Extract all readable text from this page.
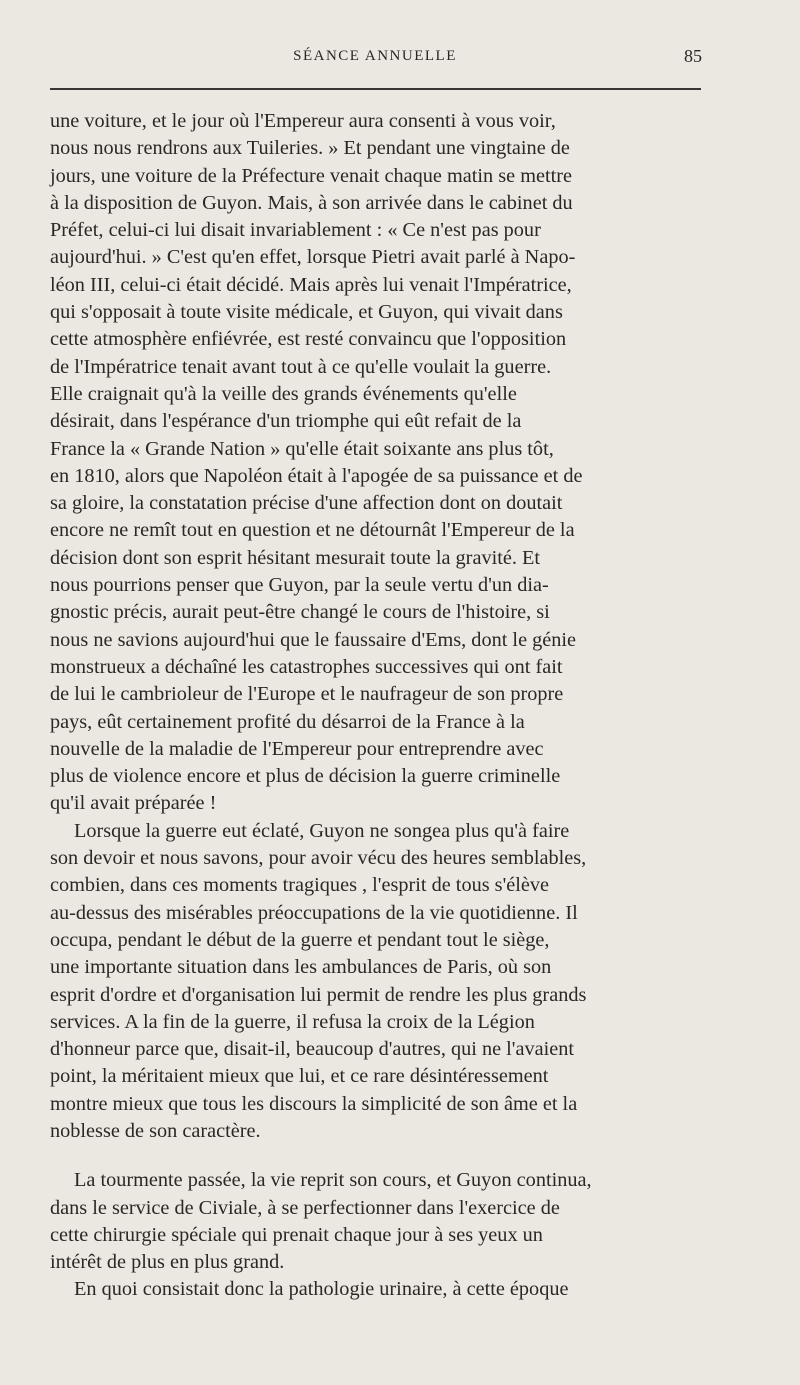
SÉANCE ANNUELLE	85
une voiture, et le jour où l'Empereur aura consenti à vous voir,
nous nous rendrons aux Tuileries. » Et pendant une vingtaine de
jours, une voiture de la Préfecture venait chaque matin se mettre
à la disposition de Guyon. Mais, à son arrivée dans le cabinet du
Préfet, celui-ci lui disait invariablement : « Ce n'est pas pour
aujourd'hui. » C'est qu'en effet, lorsque Pietri avait parlé à Napo-
léon III, celui-ci était décidé. Mais après lui venait l'Impératrice,
qui s'opposait à toute visite médicale, et Guyon, qui vivait dans
cette atmosphère enfiévrée, est resté convaincu que l'opposition
de l'Impératrice tenait avant tout à ce qu'elle voulait la guerre.
Elle craignait qu'à la veille des grands événements qu'elle
désirait, dans l'espérance d'un triomphe qui eût refait de la
France la « Grande Nation » qu'elle était soixante ans plus tôt,
en 1810, alors que Napoléon était à l'apogée de sa puissance et de
sa gloire, la constatation précise d'une affection dont on doutait
encore ne remît tout en question et ne détournât l'Empereur de la
décision dont son esprit hésitant mesurait toute la gravité. Et
nous pourrions penser que Guyon, par la seule vertu d'un dia-
gnostic précis, aurait peut-être changé le cours de l'histoire, si
nous ne savions aujourd'hui que le faussaire d'Ems, dont le génie
monstrueux a déchaîné les catastrophes successives qui ont fait
de lui le cambrioleur de l'Europe et le naufrageur de son propre
pays, eût certainement profité du désarroi de la France à la
nouvelle de la maladie de l'Empereur pour entreprendre avec
plus de violence encore et plus de décision la guerre criminelle
qu'il avait préparée !
Lorsque la guerre eut éclaté, Guyon ne songea plus qu'à faire
son devoir et nous savons, pour avoir vécu des heures semblables,
combien, dans ces moments tragiques , l'esprit de tous s'élève
au-dessus des misérables préoccupations de la vie quotidienne. Il
occupa, pendant le début de la guerre et pendant tout le siège,
une importante situation dans les ambulances de Paris, où son
esprit d'ordre et d'organisation lui permit de rendre les plus grands
services. A la fin de la guerre, il refusa la croix de la Légion
d'honneur parce que, disait-il, beaucoup d'autres, qui ne l'avaient
point, la méritaient mieux que lui, et ce rare désintéressement
montre mieux que tous les discours la simplicité de son âme et la
noblesse de son caractère.
La tourmente passée, la vie reprit son cours, et Guyon continua,
dans le service de Civiale, à se perfectionner dans l'exercice de
cette chirurgie spéciale qui prenait chaque jour à ses yeux un
intérêt de plus en plus grand.
En quoi consistait donc la pathologie urinaire, à cette époque
